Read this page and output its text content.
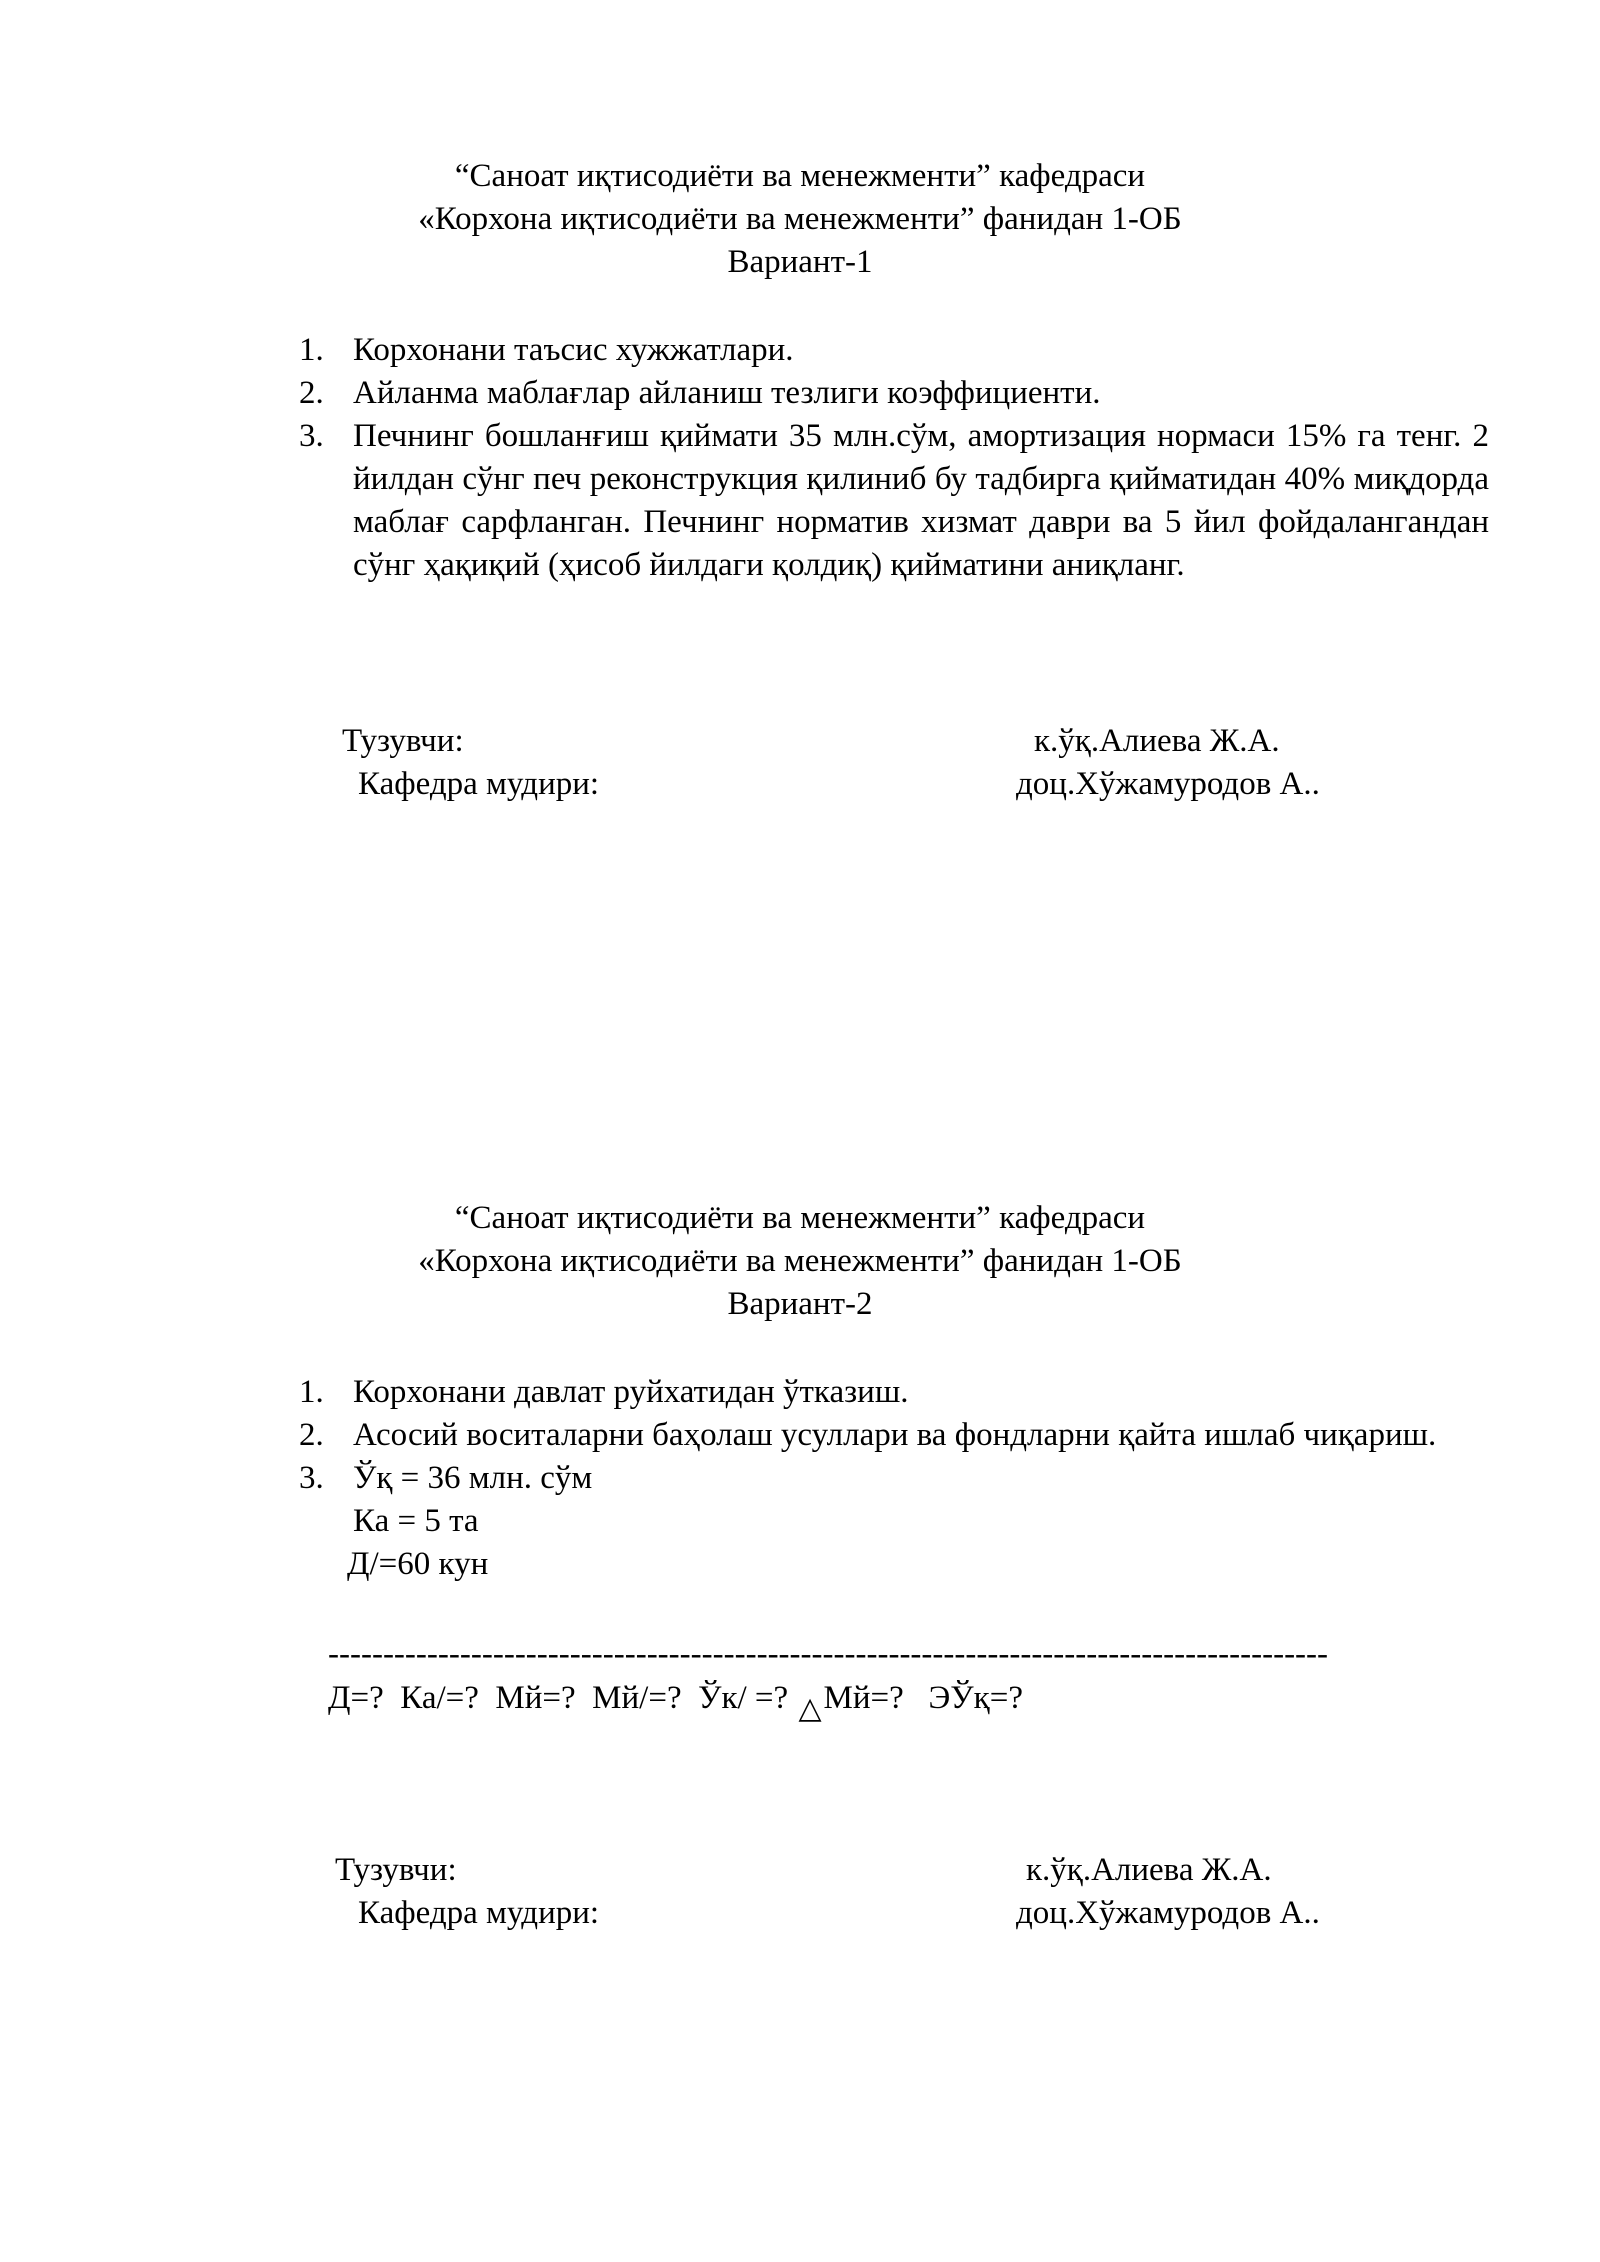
“Саноат иқтисодиёти ва менежменти” кафедраси

«Корхона иқтисодиёти ва менежменти” фанидан 1-ОБ

Вариант-1

1. Корхонани таъсис хужжатлари.
2. Айланма маблағлар айланиш тезлиги коэффициенти.
3. Печнинг бошланғиш қиймати 35 млн.сўм, амортизация нормаси 15% га тенг. 2 йилдан сўнг печ реконструкция қилиниб бу тадбирга қийматидан 40% миқдорда маблағ сарфланган. Печнинг норматив хизмат даври ва 5 йил фойдалангандан сўнг ҳақиқий (ҳисоб йилдаги қолдиқ) қийматини аниқланг.
Тузувчи:	к.ўқ.Алиева Ж.А.
Кафедра мудири:	доц.Хўжамуродов А..

“Саноат иқтисодиёти ва менежменти” кафедраси

«Корхона иқтисодиёти ва менежменти” фанидан 1-ОБ

Вариант-2

1. Корхонани давлат руйхатидан ўтказиш.
2. Асосий воситаларни баҳолаш усуллари ва фондларни қайта ишлаб чиқариш.
3. Ўқ = 36 млн. сўм
Ка = 5 та
Д/=60 кун
-------------------------------------------------------------------------------------------
Д=?  Ка/=?  Мй=?  Мй/=?  Ўк/ =? △Мй=?   ЭЎқ=?
Тузувчи:	к.ўқ.Алиева Ж.А.
Кафедра мудири:	доц.Хўжамуродов А..
